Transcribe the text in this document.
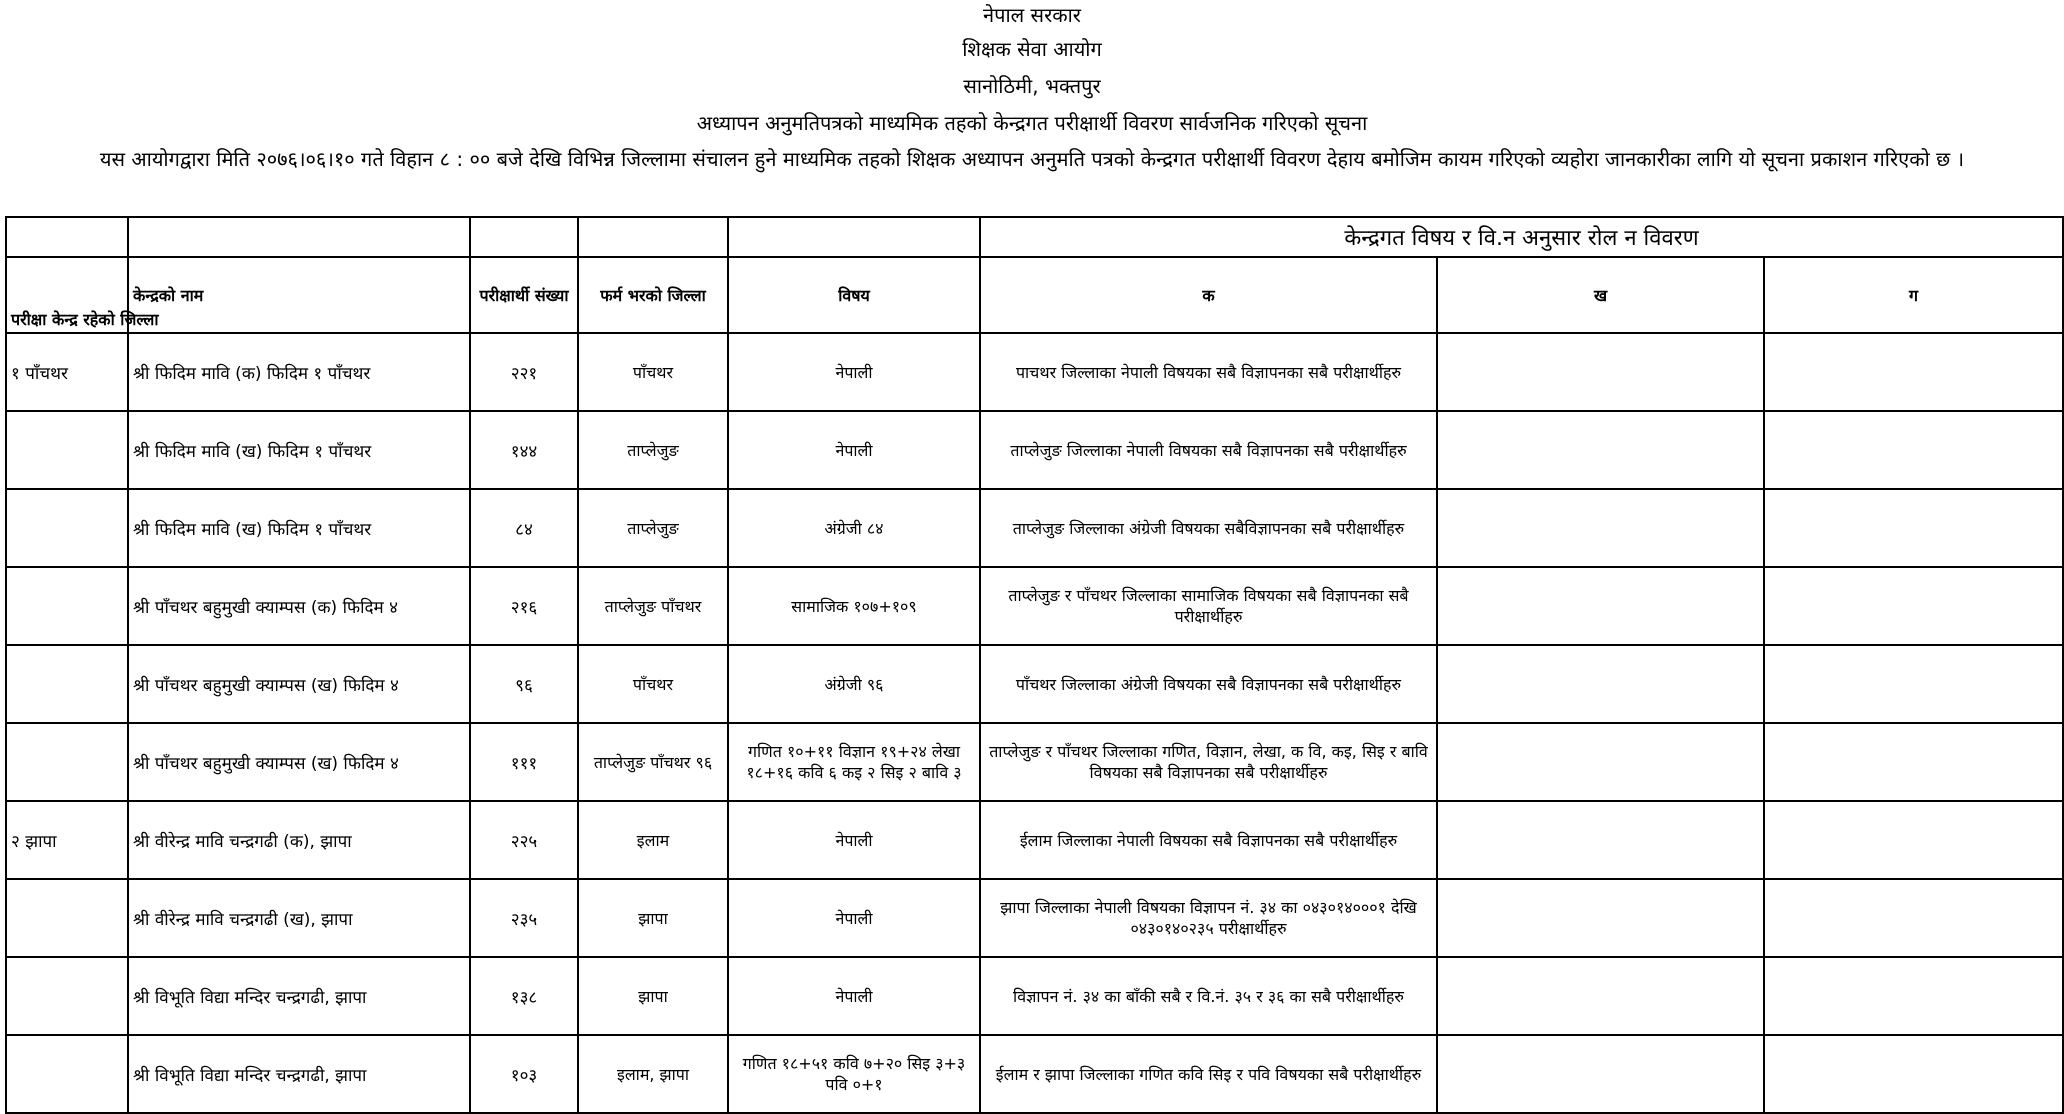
नेपाल सरकार
शिक्षक सेवा आयोग
सानोठिमी, भक्तपुर
अध्यापन अनुमतिपत्रको माध्यमिक तहको केन्द्रगत परीक्षार्थी विवरण सार्वजनिक गरिएको सूचना
यस आयोगद्वारा मिति २०७६।०६।१० गते विहान ८ : ०० बजे देखि विभिन्न जिल्लामा संचालन हुने माध्यमिक तहको शिक्षक अध्यापन अनुमति पत्रको केन्द्रगत परीक्षार्थी विवरण देहाय बमोजिम कायम गरिएको व्यहोरा जानकारीका लागि यो सूचना प्रकाशन गरिएको छ ।
					केन्द्रगत विषय र वि.न अनुसार रोल न विवरण		
परीक्षा केन्द्र रहेको जिल्ला	केन्द्रको नाम	परीक्षार्थी संख्या	फर्म भरको जिल्ला	विषय	क	ख	ग
१ पाँचथर	श्री फिदिम मावि (क) फिदिम १ पाँचथर	२२१	पाँचथर	नेपाली	पाचथर जिल्लाका नेपाली विषयका सबै विज्ञापनका सबै परीक्षार्थीहरु		
	श्री फिदिम मावि (ख) फिदिम १ पाँचथर	१४४	ताप्लेजुङ	नेपाली	ताप्लेजुङ जिल्लाका नेपाली विषयका सबै विज्ञापनका सबै परीक्षार्थीहरु		
	श्री फिदिम मावि (ख) फिदिम १ पाँचथर	८४	ताप्लेजुङ	अंग्रेजी ८४	ताप्लेजुङ जिल्लाका अंग्रेजी विषयका सबैविज्ञापनका सबै परीक्षार्थीहरु		
	श्री पाँचथर बहुमुखी क्याम्पस (क) फिदिम ४	२१६	ताप्लेजुङ पाँचथर	सामाजिक १०७+१०९	ताप्लेजुङ र पाँचथर जिल्लाका सामाजिक विषयका सबै विज्ञापनका सबै परीक्षार्थीहरु		
	श्री पाँचथर बहुमुखी क्याम्पस (ख) फिदिम ४	९६	पाँचथर	अंग्रेजी ९६	पाँचथर जिल्लाका अंग्रेजी विषयका सबै विज्ञापनका सबै परीक्षार्थीहरु		
	श्री पाँचथर बहुमुखी क्याम्पस (ख) फिदिम ४	१११	ताप्लेजुङ पाँचथर ९६	गणित १०+११ विज्ञान १९+२४ लेखा १८+१६ कवि ६ कइ २ सिइ २ बावि ३	ताप्लेजुङ र पाँचथर जिल्लाका गणित, विज्ञान, लेखा, क वि, कइ, सिइ र बावि विषयका सबै विज्ञापनका सबै परीक्षार्थीहरु		
२ झापा	श्री वीरेन्द्र मावि चन्द्रगढी (क), झापा	२२५	इलाम	नेपाली	ईलाम जिल्लाका नेपाली विषयका सबै विज्ञापनका सबै परीक्षार्थीहरु		
	श्री वीरेन्द्र मावि चन्द्रगढी (ख), झापा	२३५	झापा	नेपाली	झापा जिल्लाका नेपाली विषयका विज्ञापन नं. ३४ का ०४३०१४०००१ देखि ०४३०१४०२३५ परीक्षार्थीहरु		
	श्री विभूति विद्या मन्दिर चन्द्रगढी, झापा	१३८	झापा	नेपाली	विज्ञापन नं. ३४ का बाँकी सबै र वि.नं. ३५ र ३६ का सबै परीक्षार्थीहरु		
	श्री विभूति विद्या मन्दिर चन्द्रगढी, झापा	१०३	इलाम, झापा	गणित १८+५१ कवि ७+२० सिइ ३+३ पवि ०+१	ईलाम र झापा जिल्लाका गणित कवि सिइ र पवि विषयका सबै परीक्षार्थीहरु		
